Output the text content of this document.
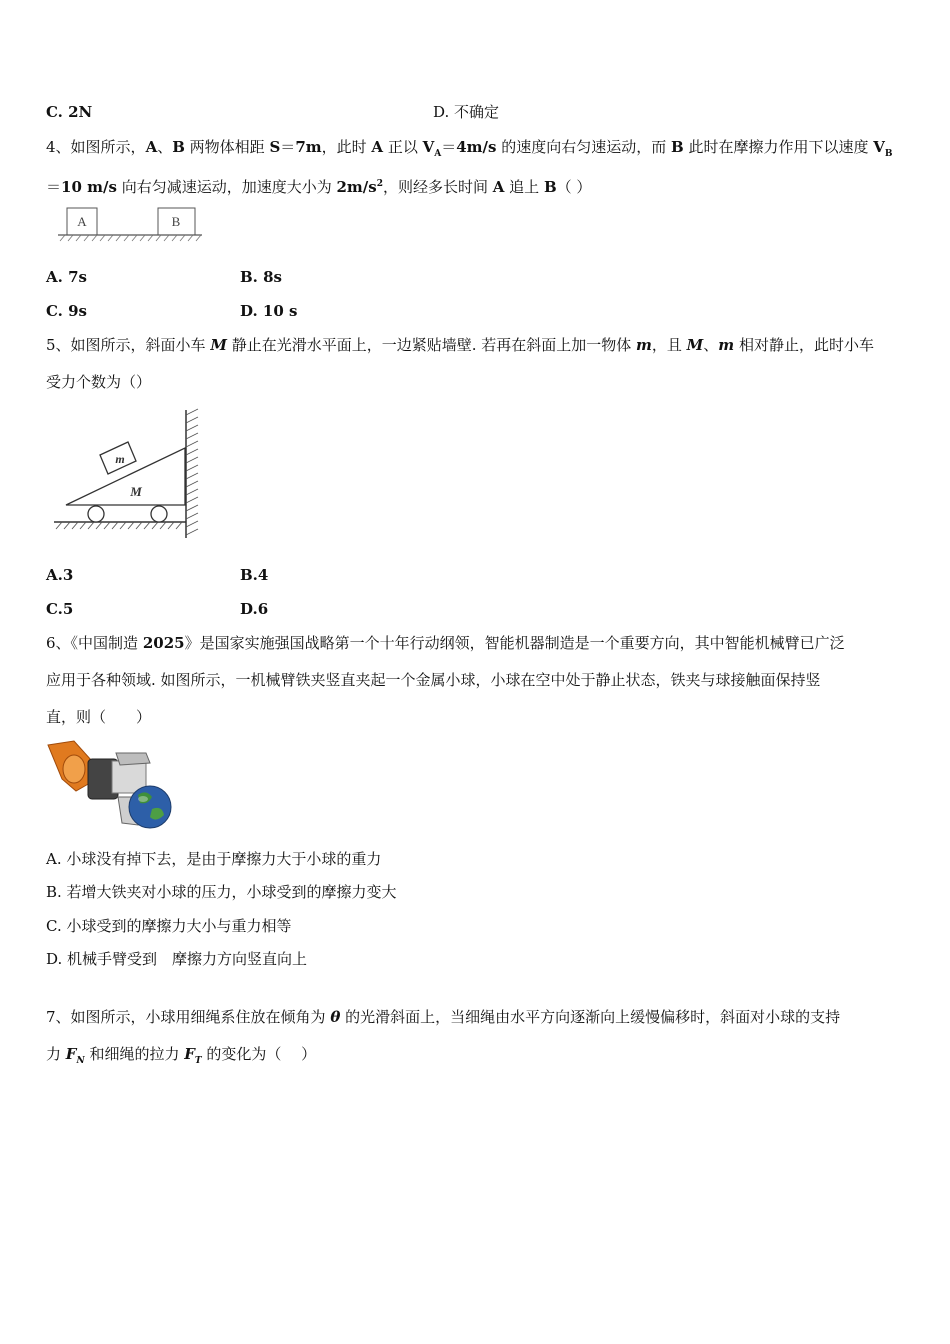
C. 2N	D. 不确定
4、如图所示，A、B 两物体相距 S＝7m，此时 A 正以 $V_A=4m/s$ 的速度向右匀速运动，而 B 此时在摩擦力作用下以速度 $V_B$
＝10 m/s 向右匀减速运动，加速度大小为 $2m/s^2$，则经多长时间 A 追上 B（ ）
A	B
A. 7s	B. 8s
C. 9s	D. 10 s
5、如图所示，斜面小车 M 静止在光滑水平面上，一边紧贴墙壁. 若再在斜面上加一物体 m，且 M、m 相对静止，此时小车
受力个数为（）
m
M
A.3	B.4
C.5	D.6
6、《中国制造 2025》是国家实施强国战略第一个十年行动纲领，智能机器制造是一个重要方向，其中智能机械臂已广泛
应用于各种领域. 如图所示，一机械臂铁夹竖直夹起一个金属小球，小球在空中处于静止状态，铁夹与球接触面保持竖
直，则（　　）
A. 小球没有掉下去，是由于摩擦力大于小球的重力
B. 若增大铁夹对小球的压力，小球受到的摩擦力变大
C. 小球受到的摩擦力大小与重力相等
D. 机械手臂受到　摩擦力方向竖直向上
7、如图所示，小球用细绳系住放在倾角为 θ 的光滑斜面上，当细绳由水平方向逐渐向上缓慢偏移时，斜面对小球的支持
力 $F_N$ 和细绳的拉力 $F_T$ 的变化为（　 ）
